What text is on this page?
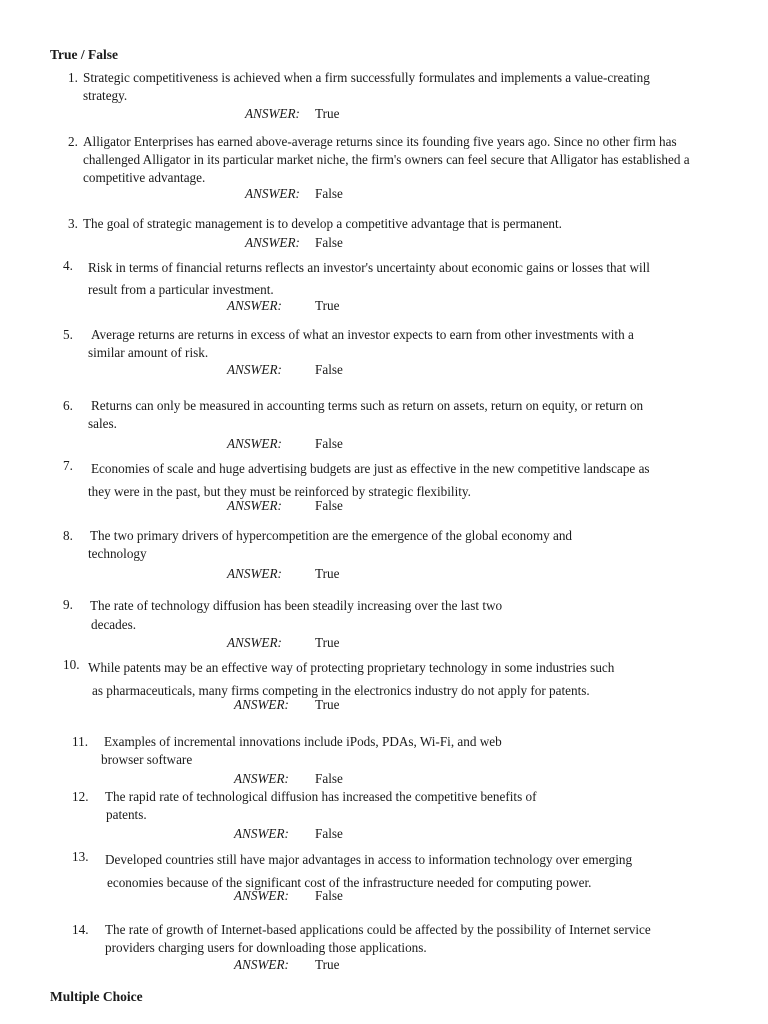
True / False
1. Strategic competitiveness is achieved when a firm successfully formulates and implements a value-creating
strategy.
ANSWER: True
2. Alligator Enterprises has earned above-average returns since its founding five years ago. Since no other firm has
challenged Alligator in its particular market niche, the firm's owners can feel secure that Alligator has established a
competitive advantage.
ANSWER: False
3. The goal of strategic management is to develop a competitive advantage that is permanent.
ANSWER: False
4. Risk in terms of financial returns reflects an investor's uncertainty about economic gains or losses that will
result from a particular investment.
ANSWER:	True
5. Average returns are returns in excess of what an investor expects to earn from other investments with a
similar amount of risk.
ANSWER:	False
6. Returns can only be measured in accounting terms such as return on assets, return on equity, or return on
sales.
ANSWER:	False
7. Economies of scale and huge advertising budgets are just as effective in the new competitive landscape as
they were in the past, but they must be reinforced by strategic flexibility.
ANSWER:	False
8. The two primary drivers of hypercompetition are the emergence of the global economy and
technology
ANSWER:	True
9. The rate of technology diffusion has been steadily increasing over the last two
decades.
ANSWER:	True
10. While patents may be an effective way of protecting proprietary technology in some industries such
as pharmaceuticals, many firms competing in the electronics industry do not apply for patents.
ANSWER: True
11. Examples of incremental innovations include iPods, PDAs, Wi-Fi, and web
browser software
ANSWER: False
12. The rapid rate of technological diffusion has increased the competitive benefits of
patents.
ANSWER: False
13. Developed countries still have major advantages in access to information technology over emerging
economies because of the significant cost of the infrastructure needed for computing power.
ANSWER: False
14. The rate of growth of Internet-based applications could be affected by the possibility of Internet service
providers charging users for downloading those applications.
ANSWER: True
Multiple Choice
